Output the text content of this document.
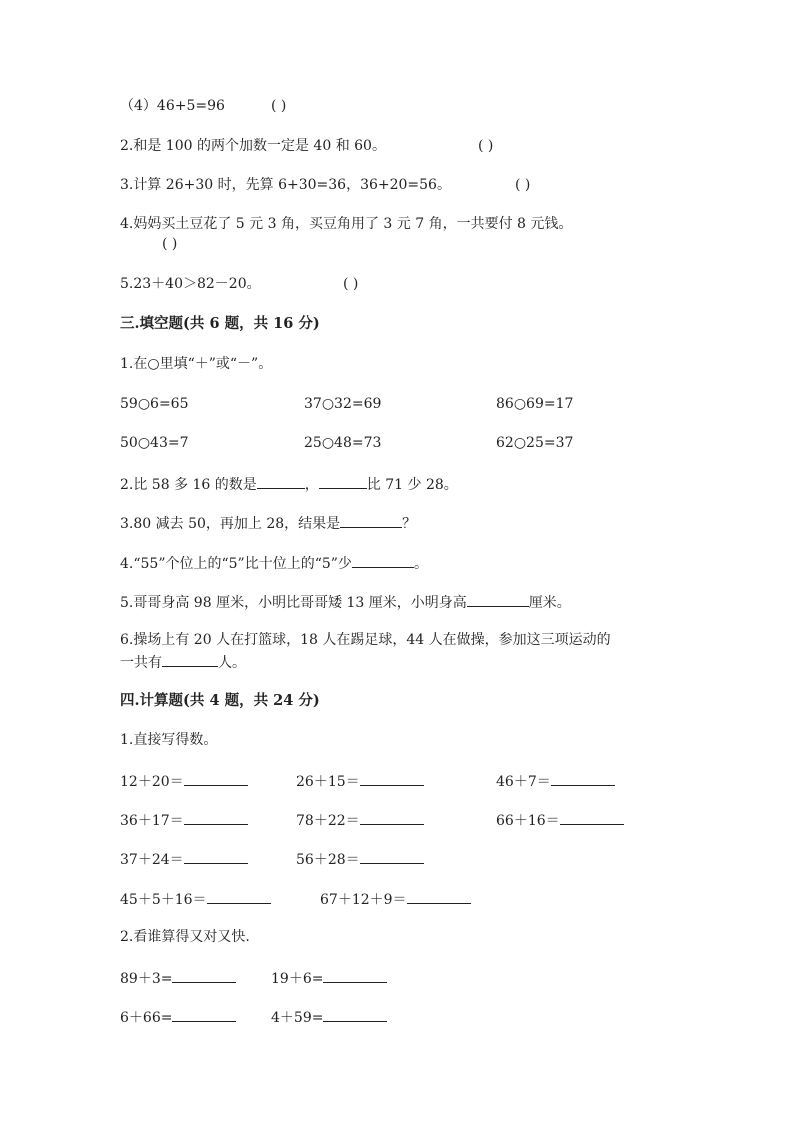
（4）46+5=96	( )
2.和是 100 的两个加数一定是 40 和 60。	( )
3.计算 26+30 时，先算 6+30=36，36+20=56。	( )
4.妈妈买土豆花了 5 元 3 角，买豆角用了 3 元 7 角，一共要付 8 元钱。
( )
5.23＋40＞82－20。	( )
三.填空题(共 6 题，共 16 分)
1.在○里填“＋”或“－”。
59○6=65	37○32=69	86○69=17
50○43=7	25○48=73	62○25=37
2.比 58 多 16 的数是	，	比 71 少 28。
3.80 减去 50，再加上 28，结果是	？
4.“55”个位上的“5”比十位上的“5”少	。
5.哥哥身高 98 厘米，小明比哥哥矮 13 厘米，小明身高	厘米。
6.操场上有 20 人在打篮球，18 人在踢足球，44 人在做操，参加这三项运动的
一共有	人。
四.计算题(共 4 题，共 24 分)
1.直接写得数。
12＋20＝	26＋15＝	46＋7＝
36＋17＝	78＋22＝	66＋16＝
37＋24＝	56＋28＝
45＋5＋16＝	67＋12＋9＝
2.看谁算得又对又快.
89＋3=	19＋6=
6＋66=	4＋59=
